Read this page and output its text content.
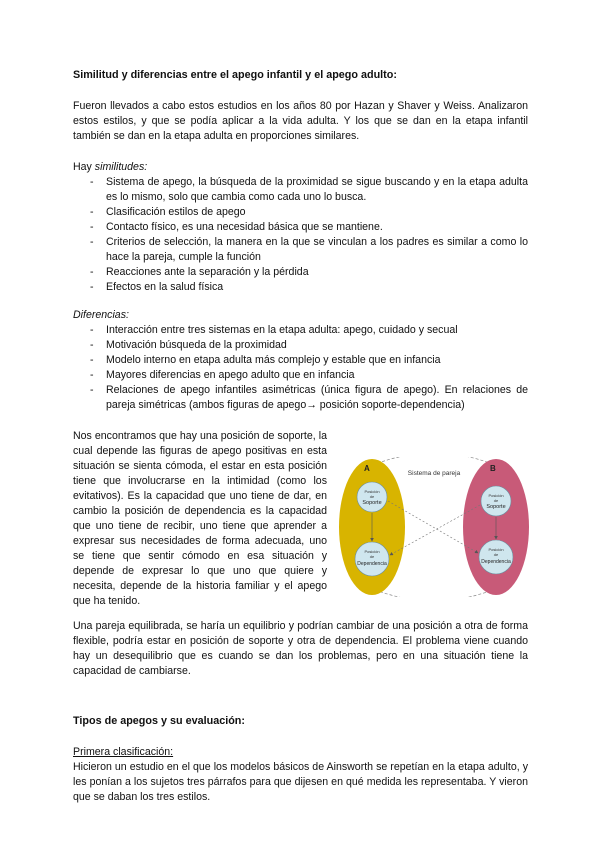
Similitud y diferencias entre el apego infantil y el apego adulto:

Fueron llevados a cabo estos estudios en los años 80 por Hazan y Shaver y Weiss. Analizaron estos estilos, y que se podía aplicar a la vida adulta. Y los que se dan en la etapa infantil también se dan en la etapa adulta en proporciones similares.

Hay similitudes:

- Sistema de apego, la búsqueda de la proximidad se sigue buscando y en la etapa adulta es lo mismo, solo que cambia como cada uno lo busca.
- Clasificación estilos de apego
- Contacto físico, es una necesidad básica que se mantiene.
- Criterios de selección, la manera en la que se vinculan a los padres es similar a como lo hace la pareja, cumple la función
- Reacciones ante la separación y la pérdida
- Efectos en la salud física

Diferencias:

- Interacción entre tres sistemas en la etapa adulta: apego, cuidado y secual
- Motivación búsqueda de la proximidad
- Modelo interno en etapa adulta más complejo y estable que en infancia
- Mayores diferencias en apego adulto que en infancia
- Relaciones de apego infantiles asimétricas (única figura de apego). En relaciones de pareja simétricas (ambos figuras de apego→ posición soporte-dependencia)

Nos encontramos que hay una posición de soporte, la cual depende las figuras de apego positivas en esta situación se sienta cómoda, el estar en esta posición tiene que involucrarse en la intimidad (como los evitativos). Es la capacidad que uno tiene de dar, en cambio la posición de dependencia es la capacidad que uno tiene de recibir, uno tiene que aprender a expresar sus necesidades de forma adecuada, uno se tiene que sentir cómodo en esa situación y depende de expresar lo que uno que quiere y necesita, depende de la historia familiar y el apego que ha tenido.

Sistema de pareja
A	B
Posición
de
Soporte
Posición
de
Dependencia
Posición
de
Soporte
Posición
de
Dependencia

Una pareja equilibrada, se haría un equilibrio y podrían cambiar de una posición a otra de forma flexible, podría estar en posición de soporte y otra de dependencia. El problema viene cuando hay un desequilibrio que es cuando se dan los problemas, pero en una situación tiene la capacidad de cambiarse.

Tipos de apegos y su evaluación:

Primera clasificación:

Hicieron un estudio en el que los modelos básicos de Ainsworth se repetían en la etapa adulto, y les ponían a los sujetos tres párrafos para que dijesen en qué medida les representaba. Y vieron que se daban los tres estilos.
